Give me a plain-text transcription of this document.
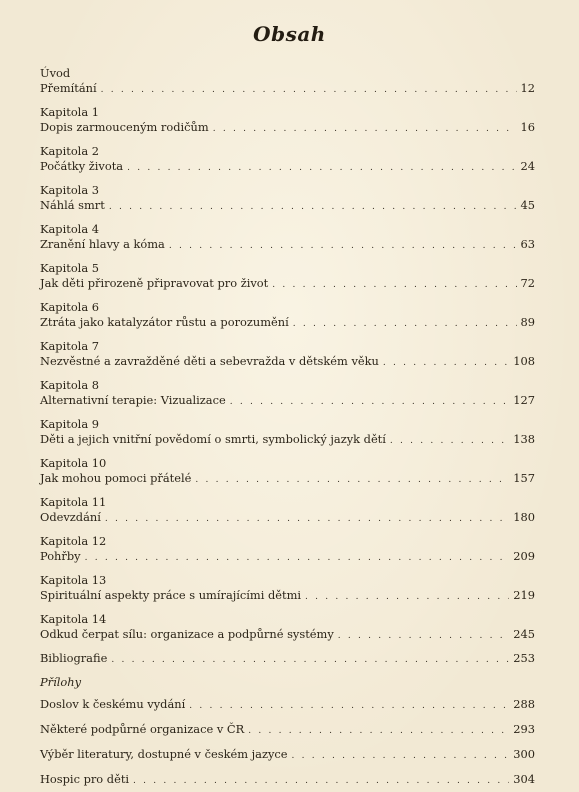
Obsah
Úvod
Přemítání . . .	12
Kapitola 1
Dopis zarmouceným rodičům . . .	16
Kapitola 2
Počátky života . . .	24
Kapitola 3
Náhlá smrt . . .	45
Kapitola 4
Zranění hlavy a kóma . . .	63
Kapitola 5
Jak děti přirozeně připravovat pro život . . .	72
Kapitola 6
Ztráta jako katalyzátor růstu a porozumění . . .	89
Kapitola 7
Nezvěstné a zavražděné děti a sebevražda v dětském věku . . .	108
Kapitola 8
Alternativní terapie: Vizualizace . . .	127
Kapitola 9
Děti a jejich vnitřní povědomí o smrti, symbolický jazyk dětí . . .	138
Kapitola 10
Jak mohou pomoci přátelé . . .	157
Kapitola 11
Odevzdání . . .	180
Kapitola 12
Pohřby . . .	209
Kapitola 13
Spirituální aspekty práce s umírajícími dětmi . . .	219
Kapitola 14
Odkud čerpat sílu: organizace a podpůrné systémy . . .	245
Bibliografie . . .	253
Přílohy
Doslov k českému vydání . . .	288
Některé podpůrné organizace v ČR . . .	293
Výběr literatury, dostupné v českém jazyce . . .	300
Hospic pro děti . . .	304
